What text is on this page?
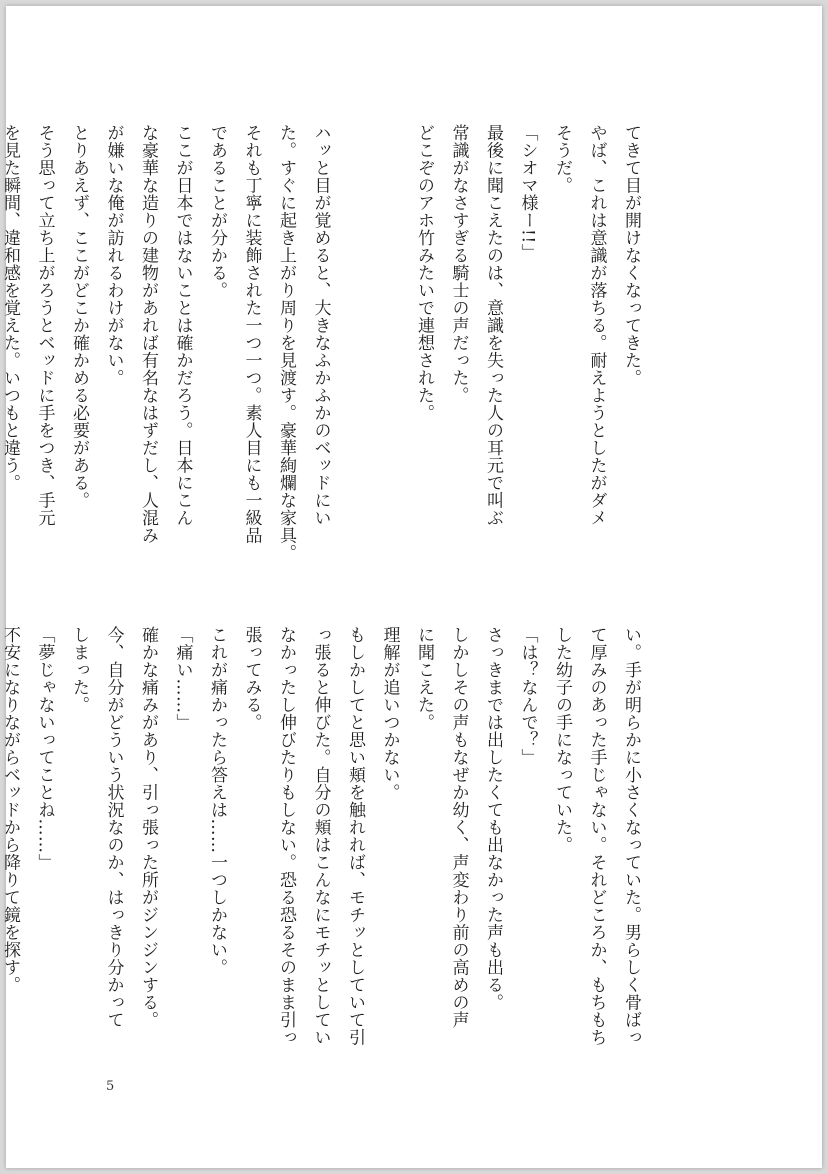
てきて目が開けなくなってきた。

やば、これは意識が落ちる。耐えようとしたがダメ

そうだ。

「シオマ様ー!!」

最後に聞こえたのは、意識を失った人の耳元で叫ぶ

常識がなさすぎる騎士の声だった。

どこぞのアホ竹みたいで連想された。

ハッと目が覚めると、大きなふかふかのベッドにい

た。すぐに起き上がり周りを見渡す。豪華絢爛な家具。

それも丁寧に装飾された一つ一つ。素人目にも一級品

であることが分かる。

ここが日本ではないことは確かだろう。日本にこん

な豪華な造りの建物があれば有名なはずだし、人混み

が嫌いな俺が訪れるわけがない。

とりあえず、ここがどこか確かめる必要がある。

そう思って立ち上がろうとベッドに手をつき、手元

を見た瞬間、違和感を覚えた。いつもと違う。

い。手が明らかに小さくなっていた。男らしく骨ばっ

て厚みのあった手じゃない。それどころか、もちもち

した幼子の手になっていた。

「は？なんで？」

さっきまでは出したくても出なかった声も出る。

しかしその声もなぜか幼く、声変わり前の高めの声

に聞こえた。

理解が追いつかない。

もしかしてと思い頬を触れれば、モチッとしていて引

っ張ると伸びた。自分の頬はこんなにモチッとしてい

なかったし伸びたりもしない。恐る恐るそのまま引っ

張ってみる。

これが痛かったら答えは……一つしかない。

「痛い……」

確かな痛みがあり、引っ張った所がジンジンする。

今、自分がどういう状況なのか、はっきり分かって

しまった。

「夢じゃないってことね……」

不安になりながらベッドから降りて鏡を探す。

5
